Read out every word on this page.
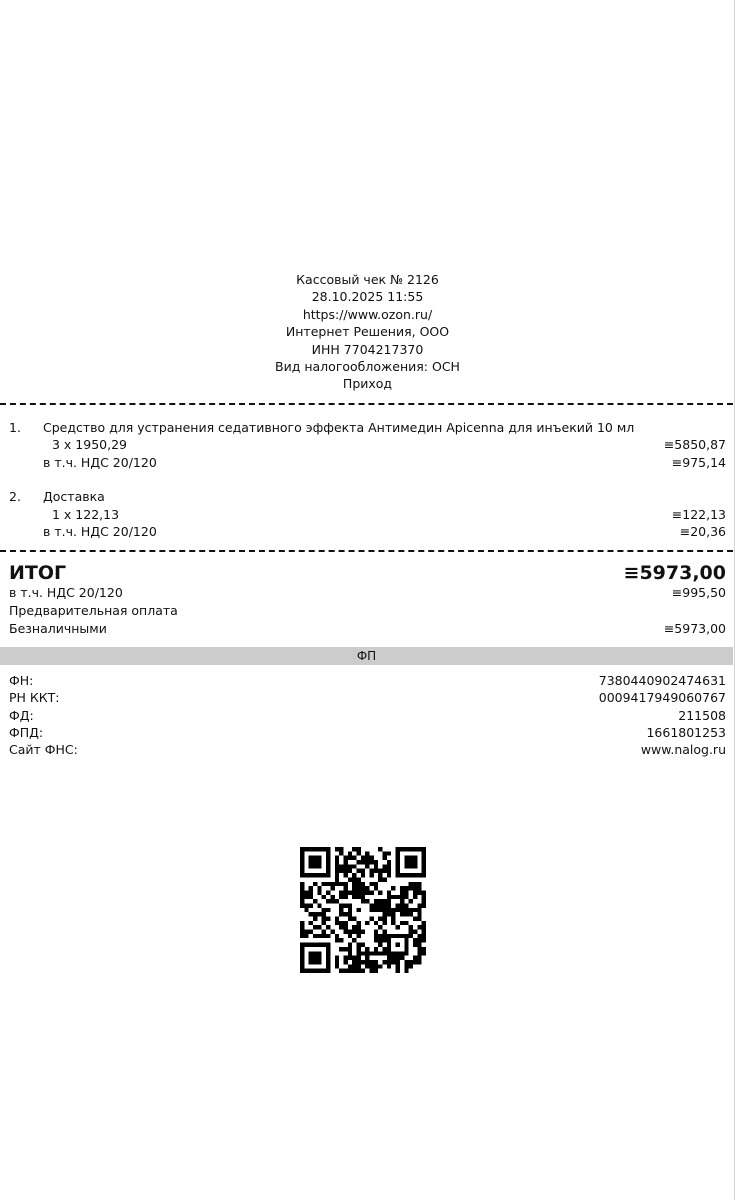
Кассовый чек № 2126
28.10.2025 11:55
https://www.ozon.ru/
Интернет Решения, ООО
ИНН 7704217370
Вид налогообложения: ОСН
Приход
1. Средство для устранения седативного эффекта Антимедин Apicenna для инъекий 10 мл
3 х 1950,29	≡5850,87
в т.ч. НДС 20/120	≡975,14
2. Доставка
1 х 122,13	≡122,13
в т.ч. НДС 20/120	≡20,36
ИТОГ	≡5973,00
в т.ч. НДС 20/120	≡995,50
Предварительная оплата
Безналичными	≡5973,00
ФП
ФН:	7380440902474631
РН ККТ:	0009417949060767
ФД:	211508
ФПД:	1661801253
Сайт ФНС:	www.nalog.ru
